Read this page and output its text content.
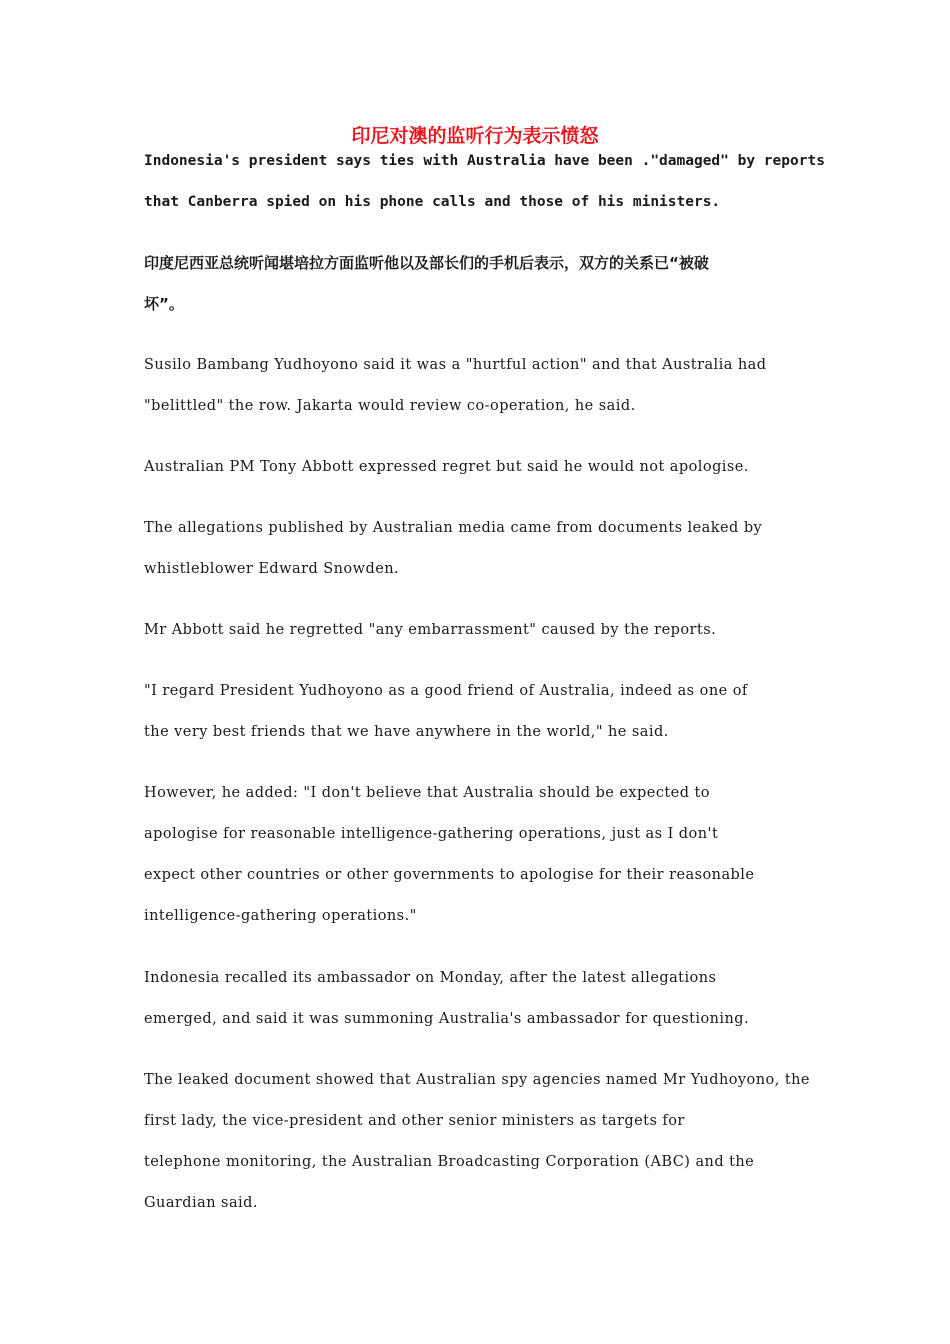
印尼对澳的监听行为表示愤怒
Indonesia's president says ties with Australia have been ."damaged" by reports
that Canberra spied on his phone calls and those of his ministers.
印度尼西亚总统听闻堪培拉方面监听他以及部长们的手机后表示，双方的关系已“被破
坏”。
Susilo Bambang Yudhoyono said it was a "hurtful action" and that Australia had
"belittled" the row. Jakarta would review co-operation, he said.
Australian PM Tony Abbott expressed regret but said he would not apologise.
The allegations published by Australian media came from documents leaked by
whistleblower Edward Snowden.
Mr Abbott said he regretted "any embarrassment" caused by the reports.
"I regard President Yudhoyono as a good friend of Australia, indeed as one of
the very best friends that we have anywhere in the world," he said.
However, he added: "I don't believe that Australia should be expected to
apologise for reasonable intelligence-gathering operations, just as I don't
expect other countries or other governments to apologise for their reasonable
intelligence-gathering operations."
Indonesia recalled its ambassador on Monday, after the latest allegations
emerged, and said it was summoning Australia's ambassador for questioning.
The leaked document showed that Australian spy agencies named Mr Yudhoyono, the
first lady, the vice-president and other senior ministers as targets for
telephone monitoring, the Australian Broadcasting Corporation (ABC) and the
Guardian said.
